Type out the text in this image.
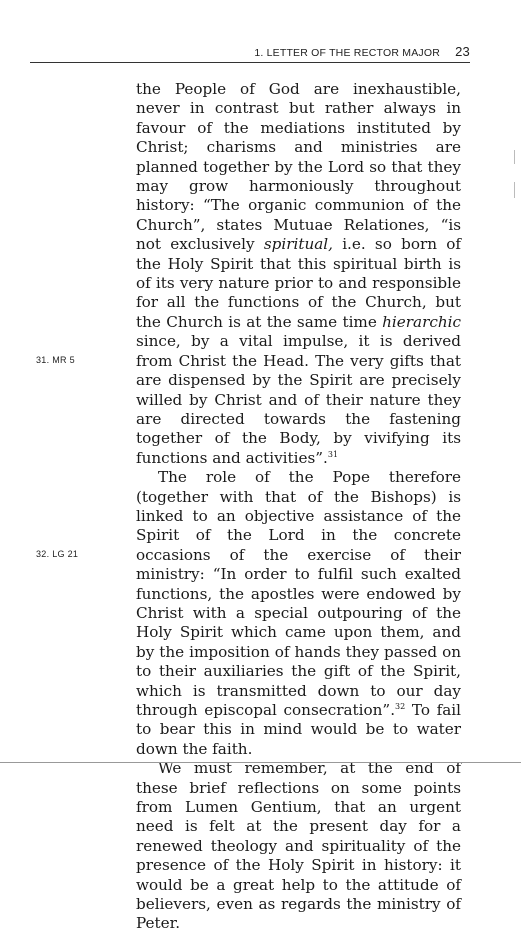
1. LETTER OF THE RECTOR MAJOR 23
31. MR 5
32. LG 21

the People of God are inexhaustible, never in contrast but rather always in favour of the mediations instituted by Christ; charisms and ministries are planned together by the Lord so that they may grow harmoniously throughout history: “The organic communion of the Church”, states Mutuae Relationes, “is not exclusively spiritual, i.e. so born of the Holy Spirit that this spiritual birth is of its very nature prior to and responsible for all the functions of the Church, but the Church is at the same time hierarchic since, by a vital impulse, it is derived from Christ the Head. The very gifts that are dispensed by the Spirit are precisely willed by Christ and of their nature they are directed towards the fastening together of the Body, by vivifying its functions and activities”.$^{31}$

The role of the Pope therefore (together with that of the Bishops) is linked to an objective assistance of the Spirit of the Lord in the concrete occasions of the exercise of their ministry: “In order to fulfil such exalted functions, the apostles were endowed by Christ with a special outpouring of the Holy Spirit which came upon them, and by the imposition of hands they passed on to their auxiliaries the gift of the Spirit, which is transmitted down to our day through episcopal consecration”.$^{32}$ To fail to bear this in mind would be to water down the faith.

We must remember, at the end of these brief reflections on some points from Lumen Gentium, that an urgent need is felt at the present day for a renewed theology and spirituality of the presence of the Holy Spirit in history: it would be a great help to the attitude of believers, even as regards the ministry of Peter.
